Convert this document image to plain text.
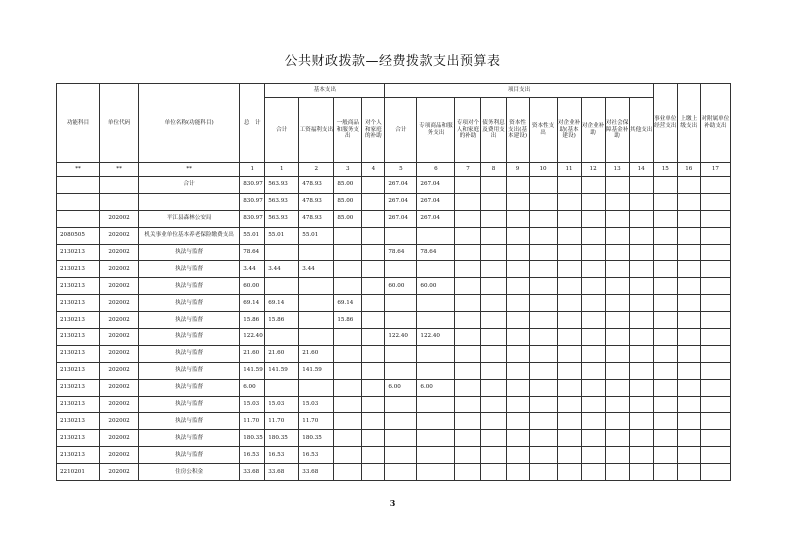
公共财政拨款—经费拨款支出预算表
功能科目	单位代码	单位名称(功能科目)	总　计	基本支出				项目支出										事业单位经营支出	上缴上级支出	对附属单位补助支出
				合计	工资福利支出	一般商品和服务支出	对个人和家庭的补助	合计	专项商品和服务支出	专项对个人和家庭的补助	债务利息及费用支出	资本性支出(基本建设)	资本性支出	对企业补助(基本建设)	对企业补助	对社会保障基金补助	其他支出			
**	**	**	1	1	2	3	4	5	6	7	8	9	10	11	12	13	14	15	16	17
		合计	830.97	563.93	478.93	85.00		267.04	267.04											
			830.97	563.93	478.93	85.00		267.04	267.04											
	202002	平江县森林公安局	830.97	563.93	478.93	85.00		267.04	267.04											
2080505	202002	机关事业单位基本养老保险缴费支出	55.01	55.01	55.01															
2130213	202002	执法与监督	78.64					78.64	78.64											
2130213	202002	执法与监督	3.44	3.44	3.44															
2130213	202002	执法与监督	60.00					60.00	60.00											
2130213	202002	执法与监督	69.14	69.14		69.14														
2130213	202002	执法与监督	15.86	15.86		15.86														
2130213	202002	执法与监督	122.40					122.40	122.40											
2130213	202002	执法与监督	21.60	21.60	21.60															
2130213	202002	执法与监督	141.59	141.59	141.59															
2130213	202002	执法与监督	6.00					6.00	6.00											
2130213	202002	执法与监督	15.03	15.03	15.03															
2130213	202002	执法与监督	11.70	11.70	11.70															
2130213	202002	执法与监督	180.35	180.35	180.35															
2130213	202002	执法与监督	16.53	16.53	16.53															
2210201	202002	住房公积金	33.68	33.68	33.68															
3
